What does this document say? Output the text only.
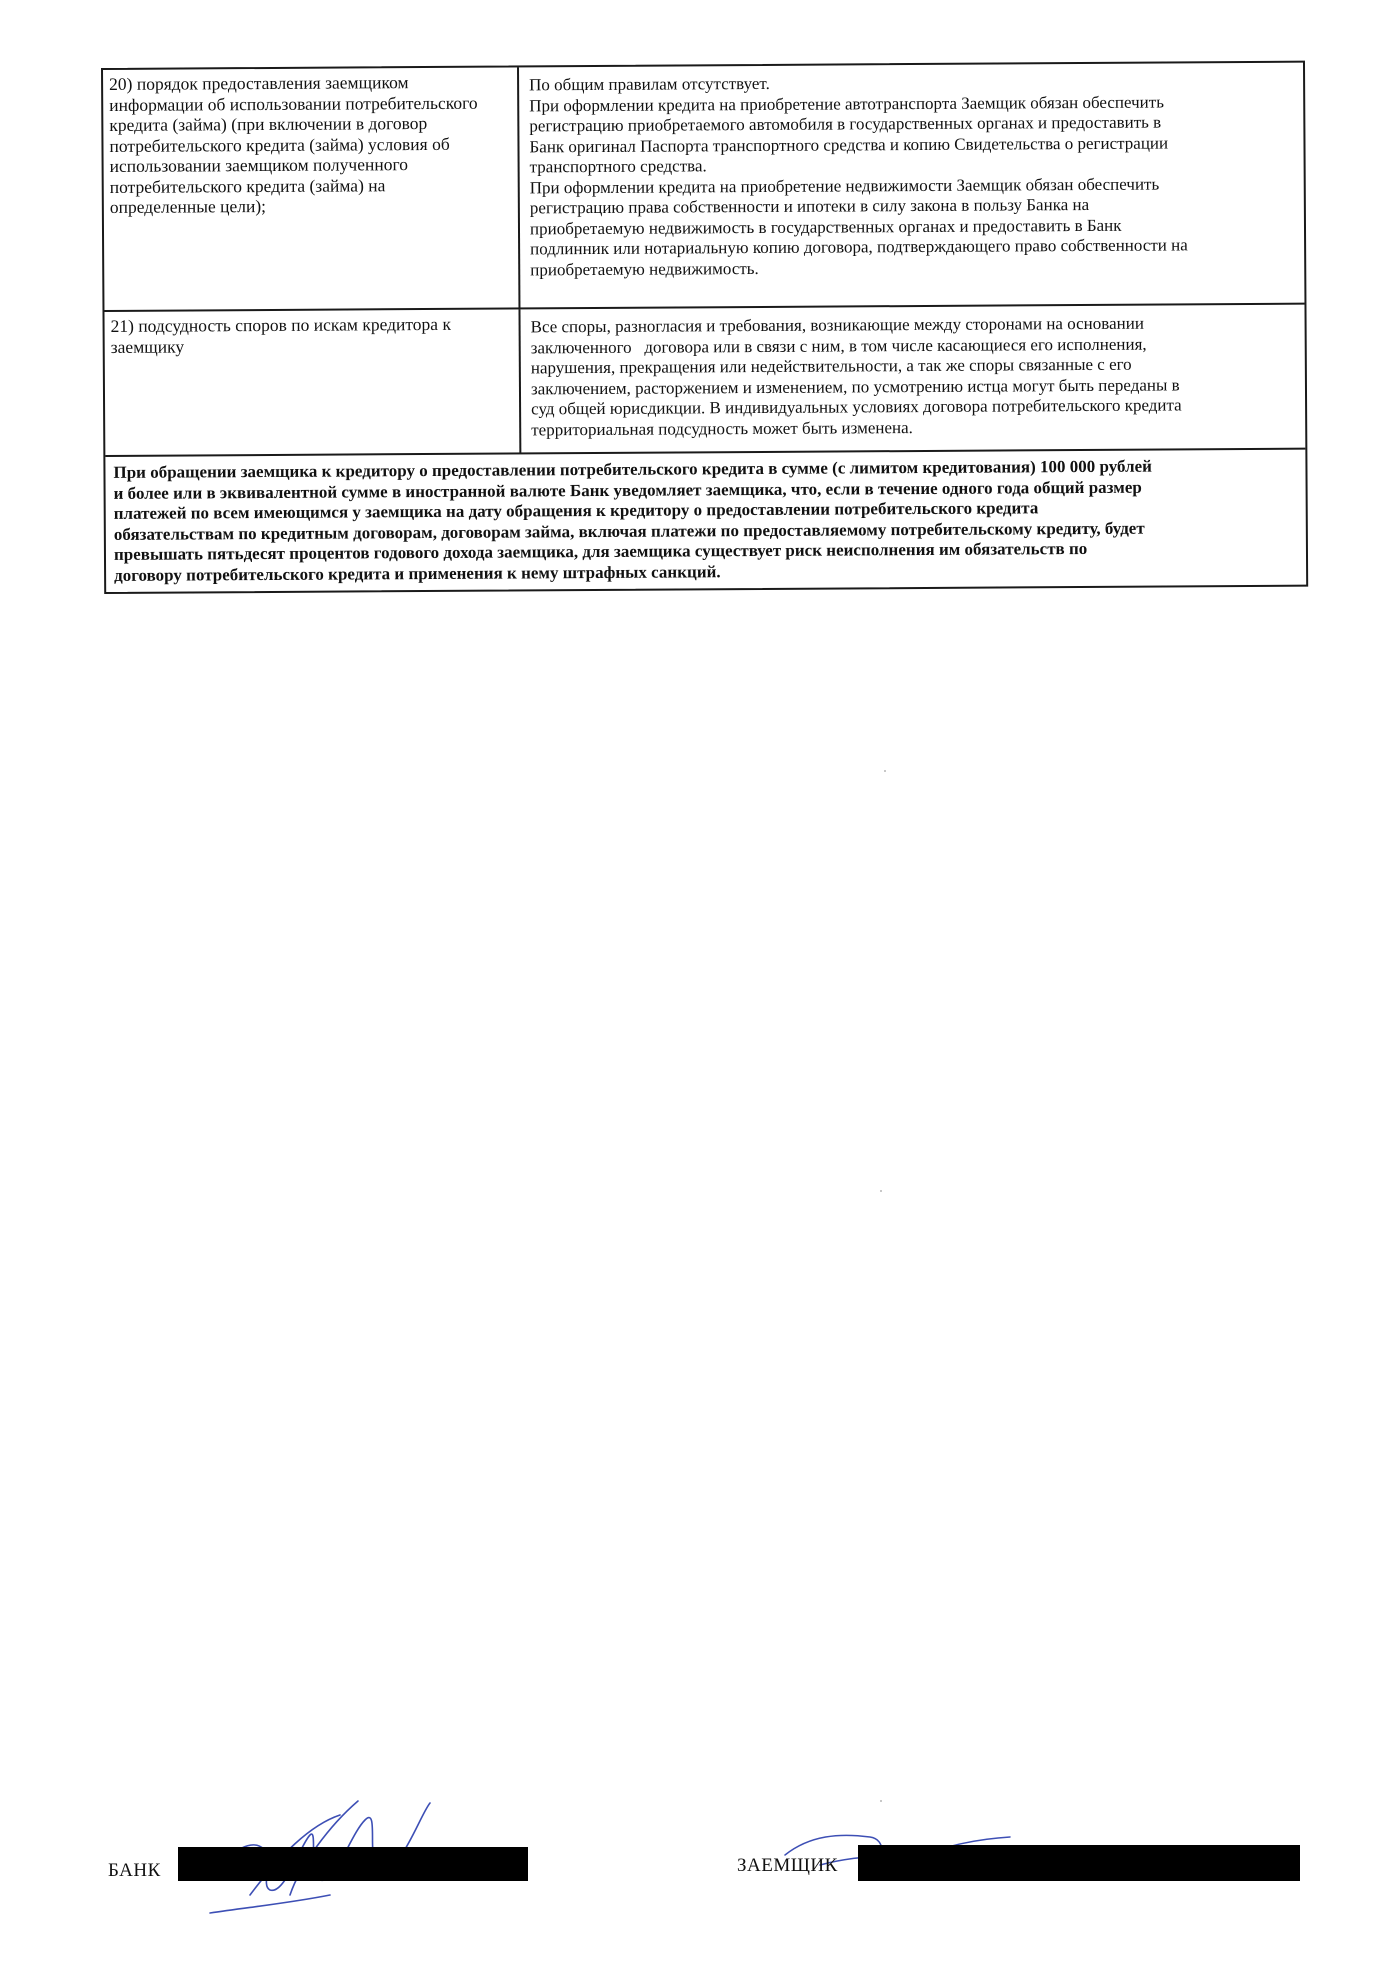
20) порядок предоставления заемщиком
информации об использовании потребительского
кредита (займа) (при включении в договор
потребительского кредита (займа) условия об
использовании заемщиком полученного
потребительского кредита (займа) на
определенные цели);
По общим правилам отсутствует.
При оформлении кредита на приобретение автотранспорта Заемщик обязан обеспечить
регистрацию приобретаемого автомобиля в государственных органах и предоставить в
Банк оригинал Паспорта транспортного средства и копию Свидетельства о регистрации
транспортного средства.
При оформлении кредита на приобретение недвижимости Заемщик обязан обеспечить
регистрацию права собственности и ипотеки в силу закона в пользу Банка на
приобретаемую недвижимость в государственных органах и предоставить в Банк
подлинник или нотариальную копию договора, подтверждающего право собственности на
приобретаемую недвижимость.
21) подсудность споров по искам кредитора к
заемщику
Все споры, разногласия и требования, возникающие между сторонами на основании
заключенного   договора или в связи с ним, в том числе касающиеся его исполнения,
нарушения, прекращения или недействительности, а так же споры связанные с его
заключением, расторжением и изменением, по усмотрению истца могут быть переданы в
суд общей юрисдикции. В индивидуальных условиях договора потребительского кредита
территориальная подсудность может быть изменена.
При обращении заемщика к кредитору о предоставлении потребительского кредита в сумме (с лимитом кредитования) 100 000 рублей
и более или в эквивалентной сумме в иностранной валюте Банк уведомляет заемщика, что, если в течение одного года общий размер
платежей по всем имеющимся у заемщика на дату обращения к кредитору о предоставлении потребительского кредита
обязательствам по кредитным договорам, договорам займа, включая платежи по предоставляемому потребительскому кредиту, будет
превышать пятьдесят процентов годового дохода заемщика, для заемщика существует риск неисполнения им обязательств по
договору потребительского кредита и применения к нему штрафных санкций.
БАНК	ЗАЕМЩИК
